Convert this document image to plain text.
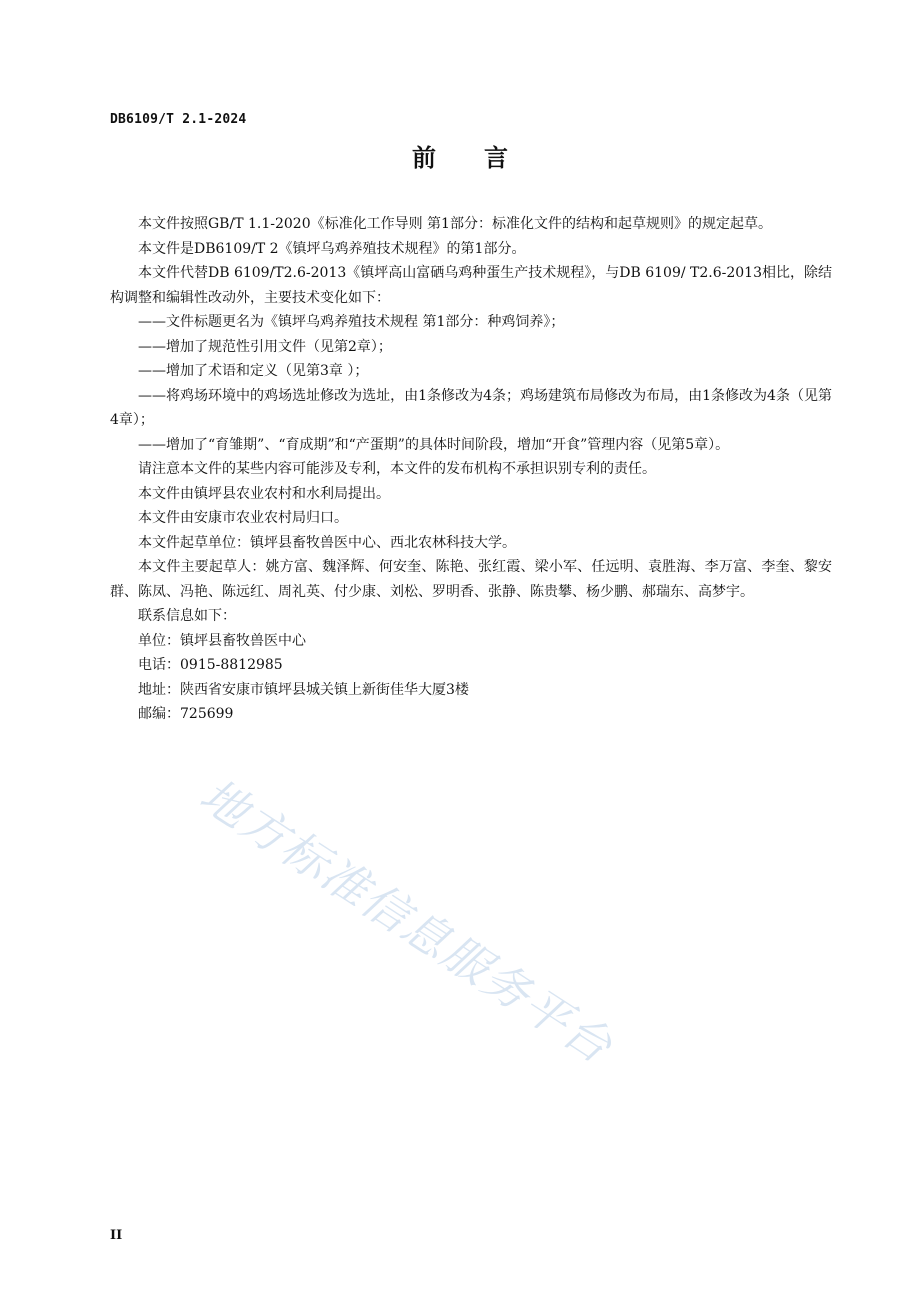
DB6109/T 2.1-2024
前言

本文件按照GB/T 1.1-2020《标准化工作导则 第1部分：标准化文件的结构和起草规则》的规定起草。

本文件是DB6109/T 2《镇坪乌鸡养殖技术规程》的第1部分。

本文件代替DB 6109/T2.6-2013《镇坪高山富硒乌鸡种蛋生产技术规程》，与DB 6109/ T2.6-2013相比，除结构调整和编辑性改动外，主要技术变化如下：

——文件标题更名为《镇坪乌鸡养殖技术规程 第1部分：种鸡饲养》；

——增加了规范性引用文件（见第2章）；

——增加了术语和定义（见第3章 ）；

——将鸡场环境中的鸡场选址修改为选址，由1条修改为4条；鸡场建筑布局修改为布局，由1条修改为4条（见第4章）；

——增加了“育雏期”、“育成期”和“产蛋期”的具体时间阶段，增加“开食”管理内容（见第5章）。

请注意本文件的某些内容可能涉及专利，本文件的发布机构不承担识别专利的责任。

本文件由镇坪县农业农村和水利局提出。

本文件由安康市农业农村局归口。

本文件起草单位：镇坪县畜牧兽医中心、西北农林科技大学。

本文件主要起草人：姚方富、魏泽辉、何安奎、陈艳、张红霞、梁小军、任远明、袁胜海、李万富、李奎、黎安群、陈凤、冯艳、陈远红、周礼英、付少康、刘松、罗明香、张静、陈贵攀、杨少鹏、郝瑞东、高梦宇。

联系信息如下：

单位：镇坪县畜牧兽医中心

电话：0915-8812985

地址：陕西省安康市镇坪县城关镇上新街佳华大厦3楼

邮编：725699

地方标准信息服务平台
II
